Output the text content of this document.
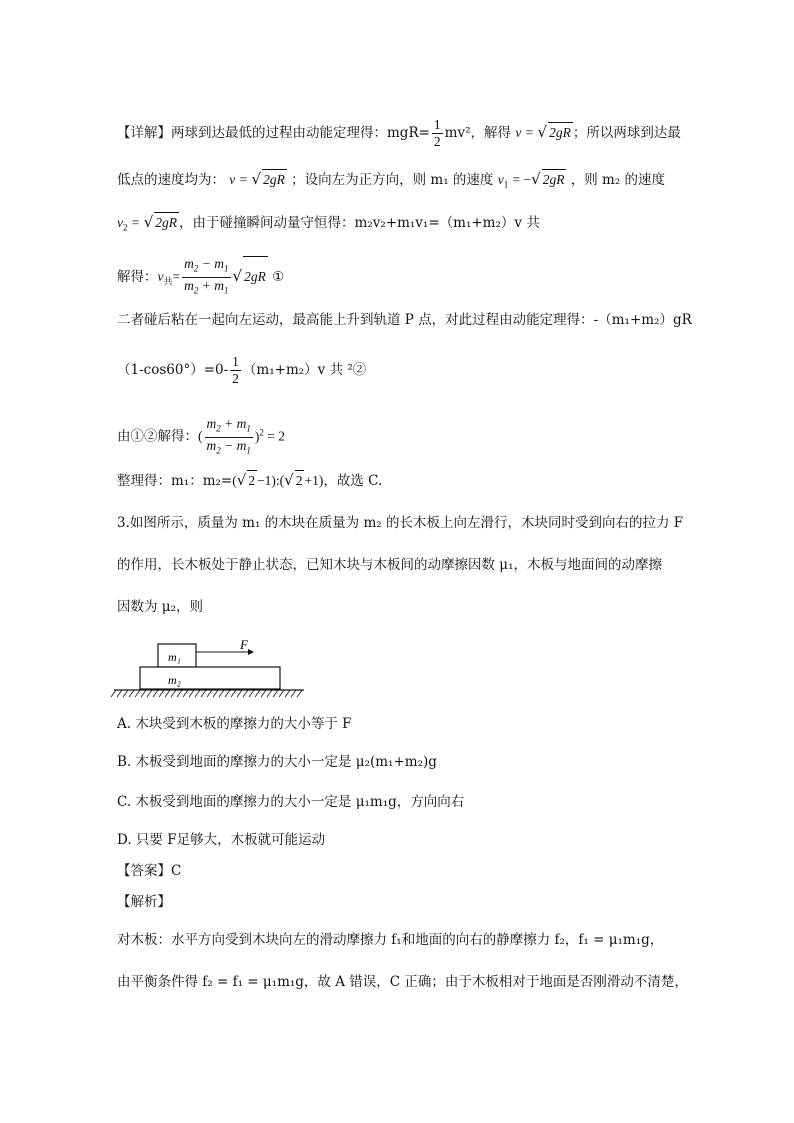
【详解】两球到达最低的过程由动能定理得：$mgR= \frac{1}{2} mv^2$，解得 v = √ 2gR ；所以两球到达最
低点的速度均为： v = √ 2gR ；设向左为正方向，则 m₁ 的速度 $v_1$ = −√ 2gR ，则 m₂ 的速度
$v_2$ = √ 2gR ，由于碰撞瞬间动量守恒得：m₂v₂+m₁v₁=（m₁+m₂）v 共
解得：$v_共= \frac{m_2 - m_1}{m_2 + m_1}$ √ 2gR ①
二者碰后粘在一起向左运动，最高能上升到轨道 P 点，对此过程由动能定理得：-（m₁+m₂）gR
$(1-\cos 60^\circ)=0- \frac{1}{2} (m_1+m_2)v$ 共 ²②
由①②解得：( $\frac{m_2 + m_1}{m_2 - m_1} )^2 = 2$
整理得：m₁：m₂=(√ 2 −1):(√ 2 +1)，故选 C.
3.如图所示，质量为 m₁ 的木块在质量为 m₂ 的长木板上向左滑行，木块同时受到向右的拉力 F
的作用，长木板处于静止状态，已知木块与木板间的动摩擦因数 μ₁，木板与地面间的动摩擦
因数为 μ₂，则
F
m₁
m₂
A. 木块受到木板的摩擦力的大小等于 F
B. 木板受到地面的摩擦力的大小一定是 μ₂(m₁+m₂)g
C. 木板受到地面的摩擦力的大小一定是 μ₁m₁g，方向向右
D. 只要 F足够大，木板就可能运动
【答案】C
【解析】
对木板：水平方向受到木块向左的滑动摩擦力 f₁和地面的向右的静摩擦力 f₂，f₁ = μ₁m₁g，
由平衡条件得 f₂ = f₁ = μ₁m₁g，故 A 错误，C 正确；由于木板相对于地面是否刚滑动不清楚，
